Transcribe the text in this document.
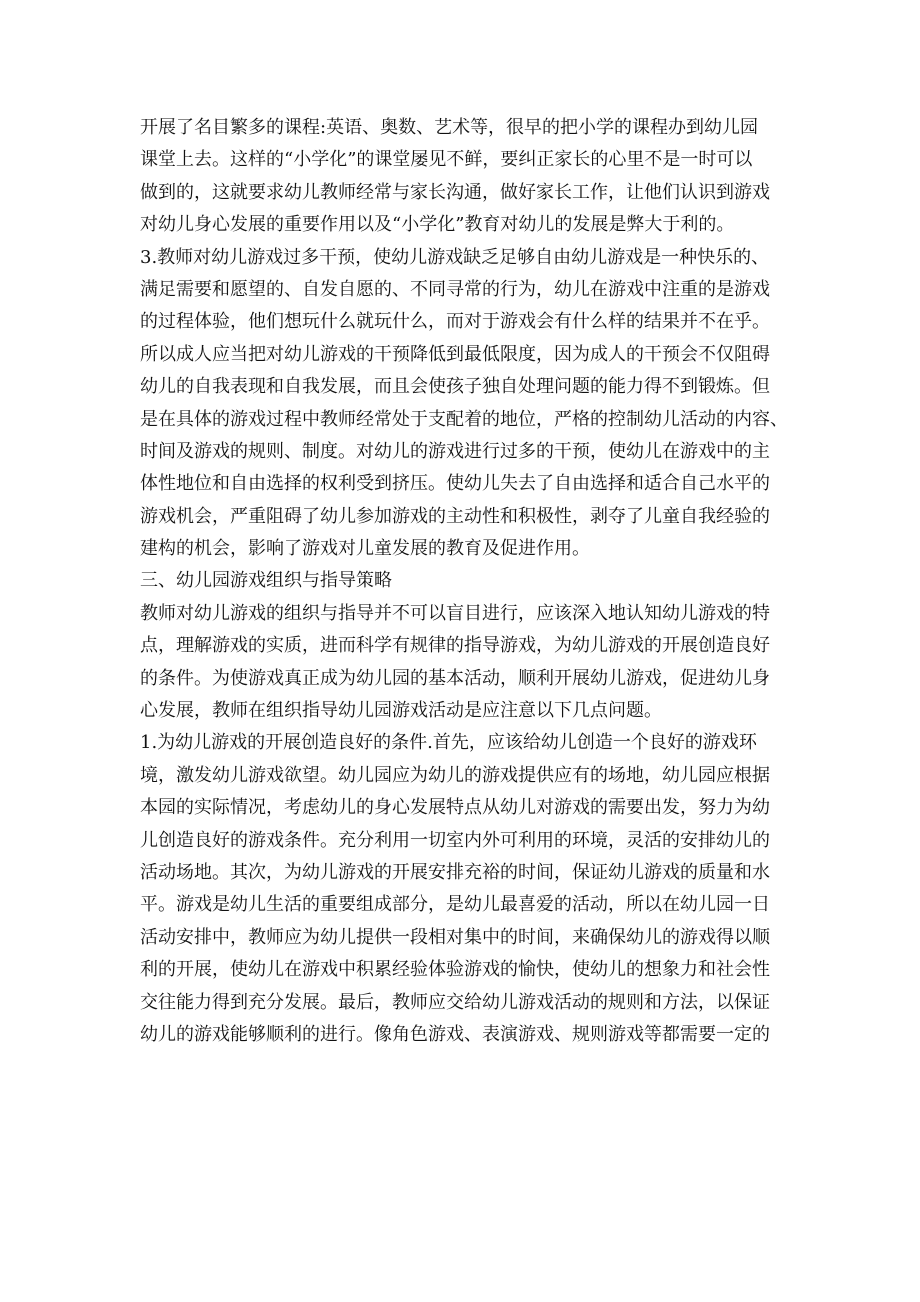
开展了名目繁多的课程:英语、奥数、艺术等，很早的把小学的课程办到幼儿园
课堂上去。这样的“小学化”的课堂屡见不鲜，要纠正家长的心里不是一时可以
做到的，这就要求幼儿教师经常与家长沟通，做好家长工作，让他们认识到游戏
对幼儿身心发展的重要作用以及“小学化”教育对幼儿的发展是弊大于利的。
3.教师对幼儿游戏过多干预，使幼儿游戏缺乏足够自由幼儿游戏是一种快乐的、
满足需要和愿望的、自发自愿的、不同寻常的行为，幼儿在游戏中注重的是游戏
的过程体验，他们想玩什么就玩什么，而对于游戏会有什么样的结果并不在乎。
所以成人应当把对幼儿游戏的干预降低到最低限度，因为成人的干预会不仅阻碍
幼儿的自我表现和自我发展，而且会使孩子独自处理问题的能力得不到锻炼。但
是在具体的游戏过程中教师经常处于支配着的地位，严格的控制幼儿活动的内容、
时间及游戏的规则、制度。对幼儿的游戏进行过多的干预，使幼儿在游戏中的主
体性地位和自由选择的权利受到挤压。使幼儿失去了自由选择和适合自己水平的
游戏机会，严重阻碍了幼儿参加游戏的主动性和积极性，剥夺了儿童自我经验的
建构的机会，影响了游戏对儿童发展的教育及促进作用。
三、幼儿园游戏组织与指导策略
教师对幼儿游戏的组织与指导并不可以盲目进行，应该深入地认知幼儿游戏的特
点，理解游戏的实质，进而科学有规律的指导游戏，为幼儿游戏的开展创造良好
的条件。为使游戏真正成为幼儿园的基本活动，顺利开展幼儿游戏，促进幼儿身
心发展，教师在组织指导幼儿园游戏活动是应注意以下几点问题。
1.为幼儿游戏的开展创造良好的条件.首先，应该给幼儿创造一个良好的游戏环
境，激发幼儿游戏欲望。幼儿园应为幼儿的游戏提供应有的场地，幼儿园应根据
本园的实际情况，考虑幼儿的身心发展特点从幼儿对游戏的需要出发，努力为幼
儿创造良好的游戏条件。充分利用一切室内外可利用的环境，灵活的安排幼儿的
活动场地。其次，为幼儿游戏的开展安排充裕的时间，保证幼儿游戏的质量和水
平。游戏是幼儿生活的重要组成部分，是幼儿最喜爱的活动，所以在幼儿园一日
活动安排中，教师应为幼儿提供一段相对集中的时间，来确保幼儿的游戏得以顺
利的开展，使幼儿在游戏中积累经验体验游戏的愉快，使幼儿的想象力和社会性
交往能力得到充分发展。最后，教师应交给幼儿游戏活动的规则和方法，以保证
幼儿的游戏能够顺利的进行。像角色游戏、表演游戏、规则游戏等都需要一定的
